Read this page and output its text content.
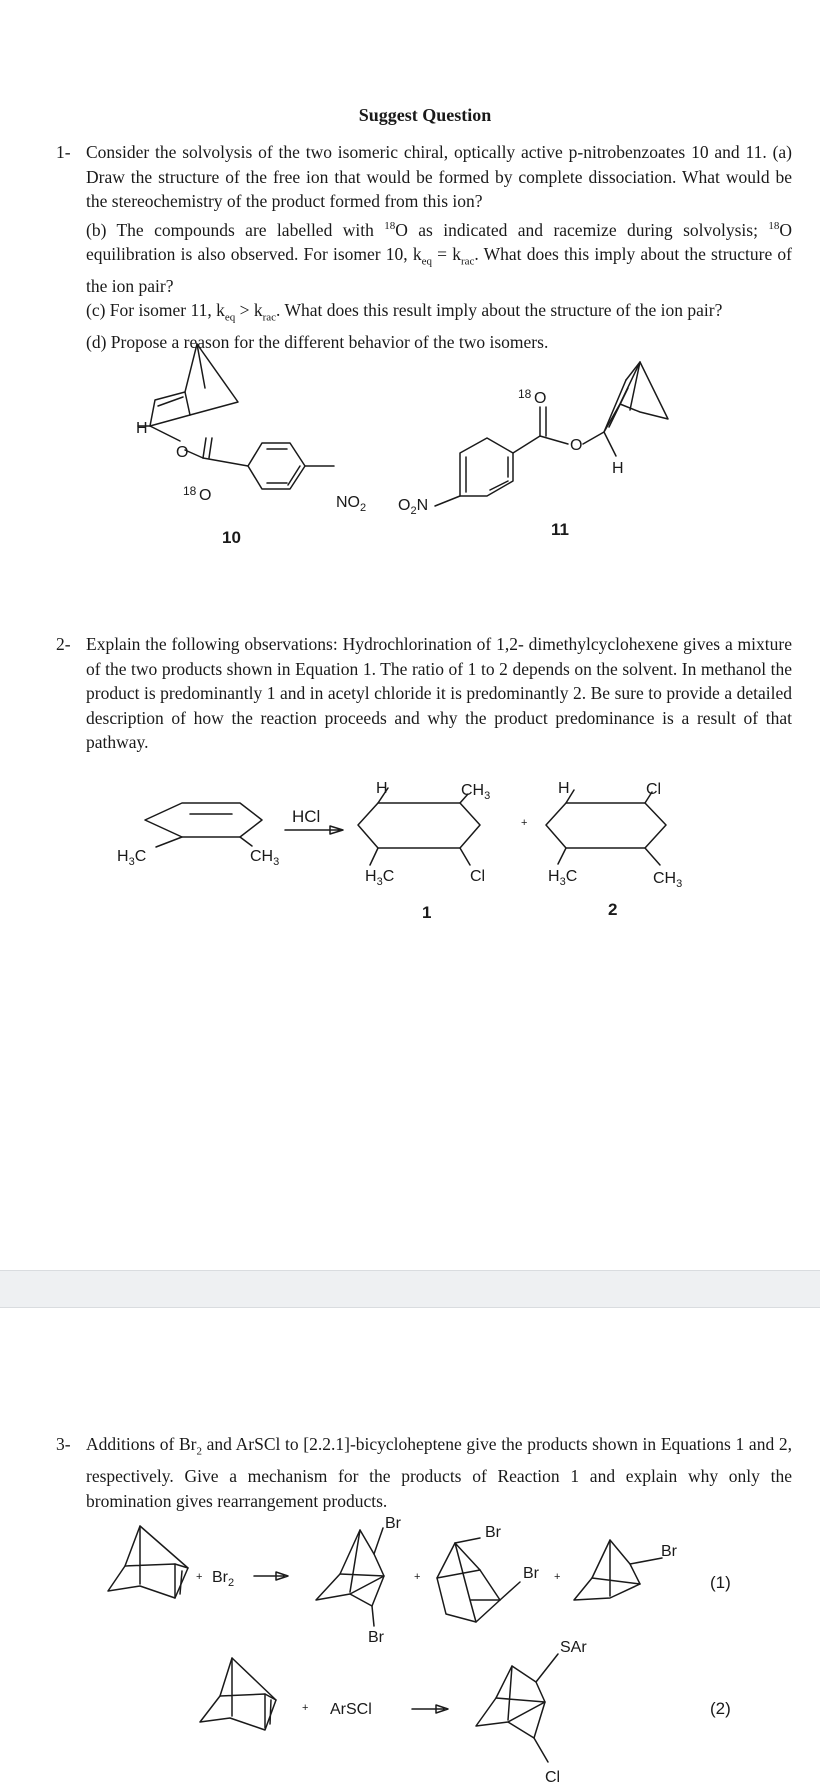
Suggest Question
1- Consider the solvolysis of the two isomeric chiral, optically active p-nitrobenzoates 10 and 11. (a) Draw the structure of the free ion that would be formed by complete dissociation. What would be the stereochemistry of the product formed from this ion?

(b) The compounds are labelled with $^{18}$O as indicated and racemize during solvolysis; $^{18}$O equilibration is also observed. For isomer 10, $k_{eq} = k_{rac}$. What does this imply about the structure of the ion pair?

(c) For isomer 11, $k_{eq} > k_{rac}$. What does this result imply about the structure of the ion pair?

(d) Propose a reason for the different behavior of the two isomers.

H
O
18 O	$NO_2$
10
18 O
O
H
$O_2N$
11
2- Explain the following observations: Hydrochlorination of 1,2- dimethylcyclohexene gives a mixture of the two products shown in Equation 1. The ratio of 1 to 2 depends on the solvent. In methanol the product is predominantly 1 and in acetyl chloride it is predominantly 2. Be sure to provide a detailed description of how the reaction proceeds and why the product predominance is a result of that pathway.

$H_3C$	$CH_3$
HCl
H	$CH_3$
$H_3C$	Cl
+
1
H	Cl
$H_3C$	$CH_3$
2
3- Additions of $Br_2$ and ArSCl to [2.2.1]-bicycloheptene give the products shown in Equations 1 and 2, respectively. Give a mechanism for the products of Reaction 1 and explain why only the bromination gives rearrangement products.

+ $Br_2$
Br
Br
+
Br
Br +
Br
(1)
+ ArSCl
SAr
Cl
(2)
